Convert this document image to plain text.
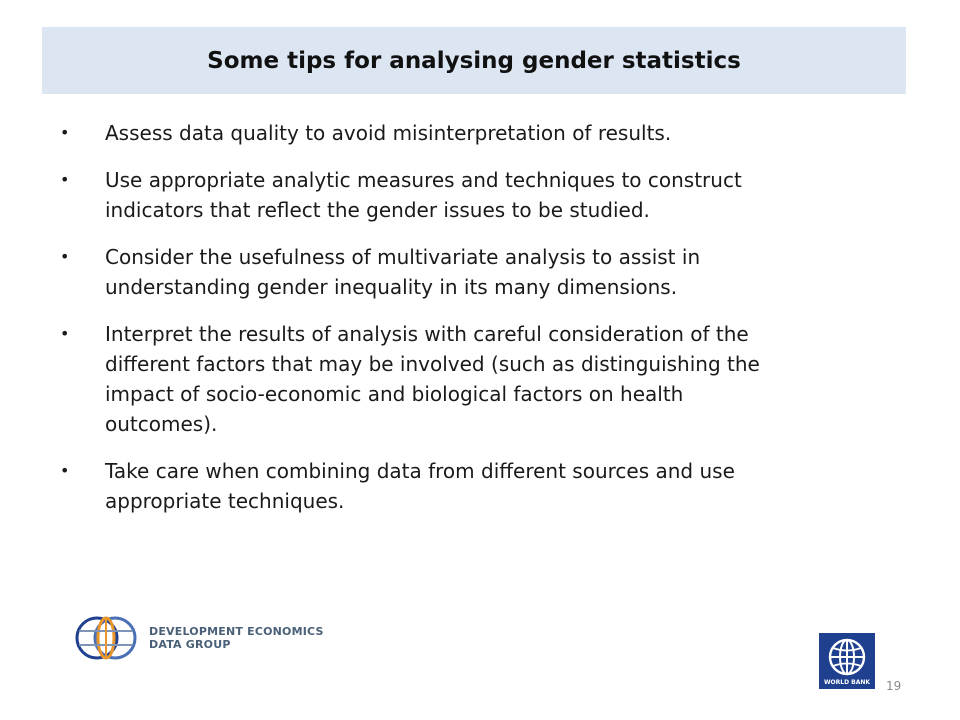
Some tips for analysing gender statistics
•	Assess data quality to avoid misinterpretation of results.
•	Use appropriate analytic measures and techniques to construct
indicators that reflect the gender issues to be studied.
•	Consider the usefulness of multivariate analysis to assist in
understanding gender inequality in its many dimensions.
•	Interpret the results of analysis with careful consideration of the
different factors that may be involved (such as distinguishing the
impact of socio-economic and biological factors on health
outcomes).
•	Take care when combining data from different sources and use
appropriate techniques.
DEVELOPMENT ECONOMICS
DATA GROUP
WORLD BANK	19
